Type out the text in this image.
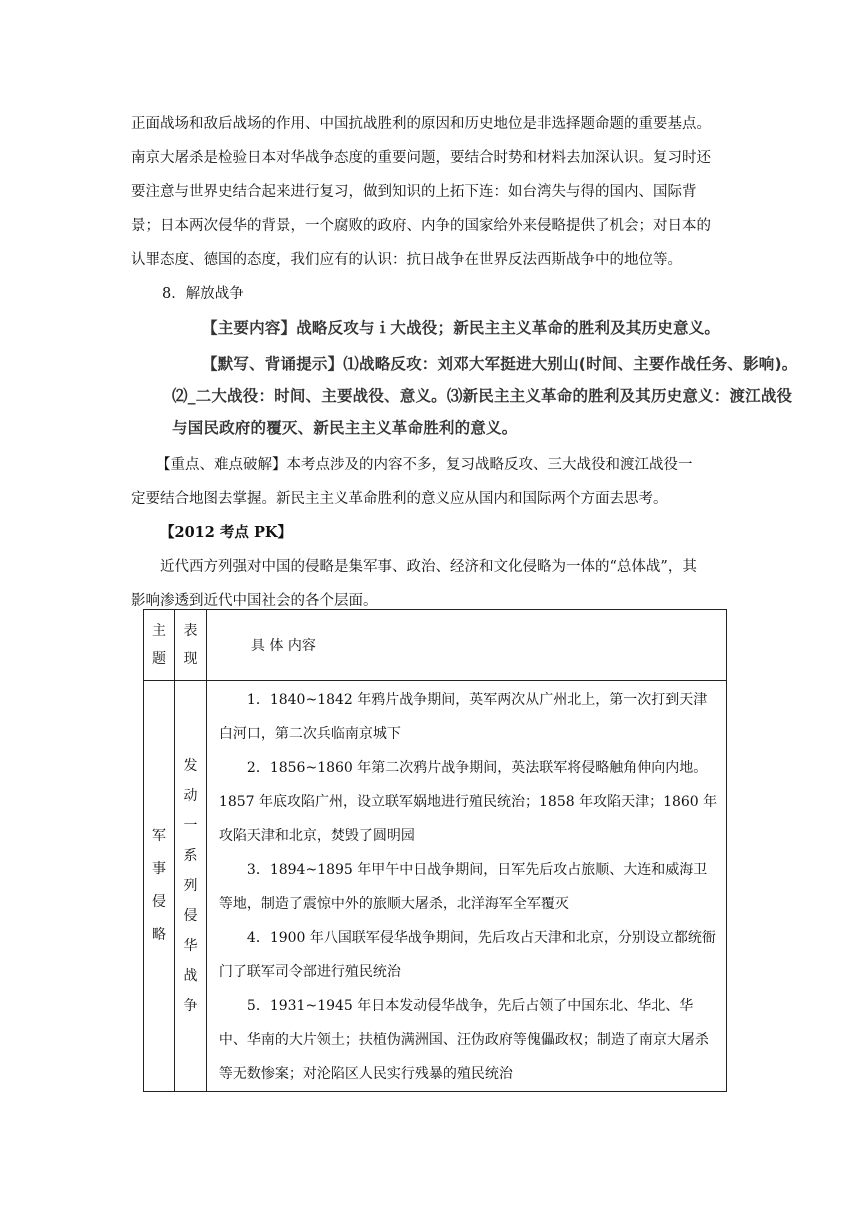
正面战场和敌后战场的作用、中国抗战胜利的原因和历史地位是非选择题命题的重要基点。
南京大屠杀是检验日本对华战争态度的重要问题，要结合时势和材料去加深认识。复习时还
要注意与世界史结合起来进行复习，做到知识的上拓下连：如台湾失与得的国内、国际背
景；日本两次侵华的背景，一个腐败的政府、内争的国家给外来侵略提供了机会；对日本的
认罪态度、德国的态度，我们应有的认识：抗日战争在世界反法西斯战争中的地位等。
8．解放战争
【主要内容】战略反攻与ｉ大战役；新民主主义革命的胜利及其历史意义。
【默写、背诵提示】⑴战略反攻：刘邓大军挺进大别山(时间、主要作战任务、影响)。
⑵_二大战役：时间、主要战役、意义。⑶新民主主义革命的胜利及其历史意义：渡江战役
与国民政府的覆灭、新民主主义革命胜利的意义。
【重点、难点破解】本考点涉及的内容不多，复习战略反攻、三大战役和渡江战役一
定要结合地图去掌握。新民主主义革命胜利的意义应从国内和国际两个方面去思考。
【2012 考点 PK】
近代西方列强对中国的侵略是集军事、政治、经济和文化侵略为一体的“总体战”，其
影响渗透到近代中国社会的各个层面。
主题	表现	具 体 内容

军事侵略	发动一系列侵华战争	1．1840~1842 年鸦片战争期间，英军两次从广州北上，第一次打到天津白河口，第二次兵临南京城下

2．1856~1860 年第二次鸦片战争期间，英法联军将侵略触角伸向内地。1857 年底攻陷广州，设立联军娲地进行殖民统治；1858 年攻陷天津；1860 年攻陷天津和北京，焚毁了圆明园

3．1894~1895 年甲午中日战争期间，日军先后攻占旅顺、大连和威海卫等地，制造了震惊中外的旅顺大屠杀，北洋海军全军覆灭

4．1900 年八国联军侵华战争期间，先后攻占天津和北京，分别设立都统衙门了联军司令部进行殖民统治

5．1931~1945 年日本发动侵华战争，先后占领了中国东北、华北、华中、华南的大片领土；扶植伪满洲国、汪伪政府等傀儡政权；制造了南京大屠杀等无数惨案；对沦陷区人民实行残暴的殖民统治
